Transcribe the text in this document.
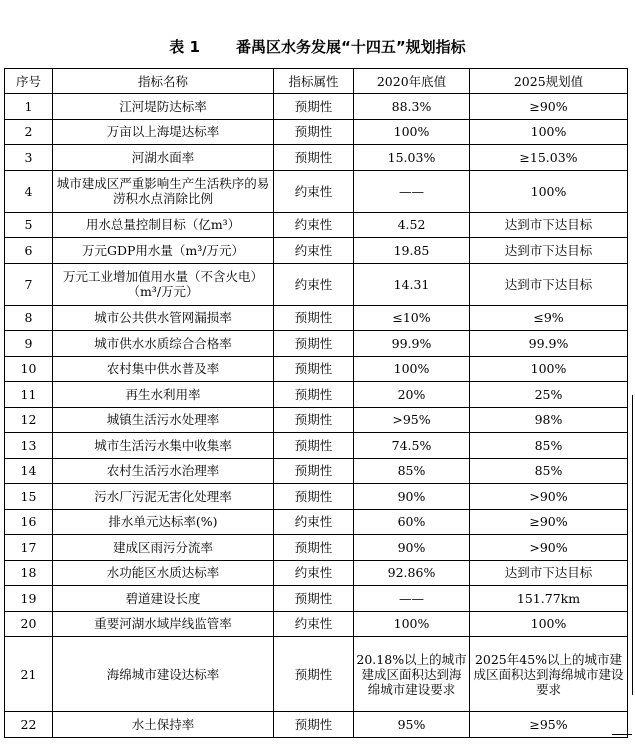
表 1 番禺区水务发展“十四五”规划指标
序号	指标名称	指标属性	2020年底值	2025规划值
1	江河堤防达标率	预期性	88.3%	≥90%
2	万亩以上海堤达标率	预期性	100%	100%
3	河湖水面率	预期性	15.03%	≥15.03%
4	城市建成区严重影响生产生活秩序的易涝积水点消除比例	约束性	——	100%
5	用水总量控制目标（亿m³）	约束性	4.52	达到市下达目标
6	万元GDP用水量（m³/万元）	约束性	19.85	达到市下达目标
7	万元工业增加值用水量（不含火电）（m³/万元）	约束性	14.31	达到市下达目标
8	城市公共供水管网漏损率	预期性	≤10%	≤9%
9	城市供水水质综合合格率	预期性	99.9%	99.9%
10	农村集中供水普及率	预期性	100%	100%
11	再生水利用率	预期性	20%	25%
12	城镇生活污水处理率	预期性	>95%	98%
13	城市生活污水集中收集率	预期性	74.5%	85%
14	农村生活污水治理率	预期性	85%	85%
15	污水厂污泥无害化处理率	预期性	90%	>90%
16	排水单元达标率(%)	约束性	60%	≥90%
17	建成区雨污分流率	预期性	90%	>90%
18	水功能区水质达标率	约束性	92.86%	达到市下达目标
19	碧道建设长度	预期性	——	151.77km
20	重要河湖水域岸线监管率	约束性	100%	100%
21	海绵城市建设达标率	预期性	20.18%以上的城市建成区面积达到海绵城市建设要求	2025年45%以上的城市建成区面积达到海绵城市建设要求
22	水土保持率	预期性	95%	≥95%
